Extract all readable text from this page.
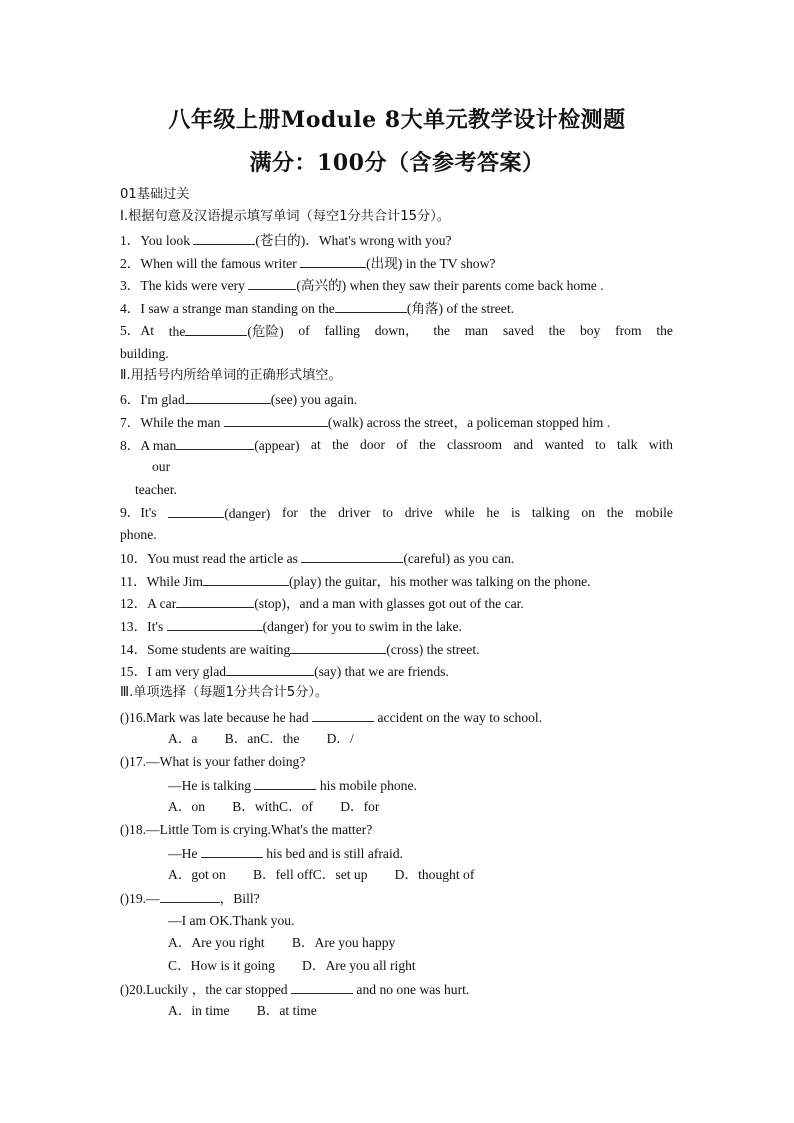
八年级上册Module 8大单元教学设计检测题
满分：100分（含参考答案）
01基础过关
Ⅰ.根据句意及汉语提示填写单词（每空1分共合计15分）。
1．You look	(苍白的)．What's wrong with you?
2．When will the famous writer	(出现) in the TV show?
3．The kids were very	(高兴的) when they saw their parents come back home .
4．I saw a strange man standing on the	(角落) of the street.
5．At the	(危险) of falling down， the man saved the boy from the
building.
Ⅱ.用括号内所给单词的正确形式填空。
6．I'm glad	(see) you again.
7．While the man	(walk) across the street，a policeman stopped him .
8．A man	(appear) at the door of the classroom and wanted to talk with
our
teacher.
9．It's	(danger) for the driver to drive while he is talking on the mobile
phone.
10．You must read the article as	(careful) as you can.
11．While Jim	(play) the guitar，his mother was talking on the phone.
12．A car	(stop)，and a man with glasses got out of the car.
13．It's	(danger) for you to swim in the lake.
14．Some students are waiting	(cross) the street.
15．I am very glad	(say) that we are friends.
Ⅲ.单项选择（每题1分共合计5分）。
()16.Mark was late because he had	accident on the way to school.
A．a　　B．anC．the　　D．/
()17.—What is your father doing?
—He is talking	his mobile phone.
A．on　　B．withC．of　　D．for
()18.—Little Tom is crying.What's the matter?
—He	his bed and is still afraid.
A．got on　　B．fell offC．set up　　D．thought of
()19.—	，Bill?
—I am OK.Thank you.
A．Are you right　　B．Are you happy
C．How is it going　　D．Are you all right
()20.Luckily ，the car stopped	and no one was hurt.
A．in time　　B．at time
